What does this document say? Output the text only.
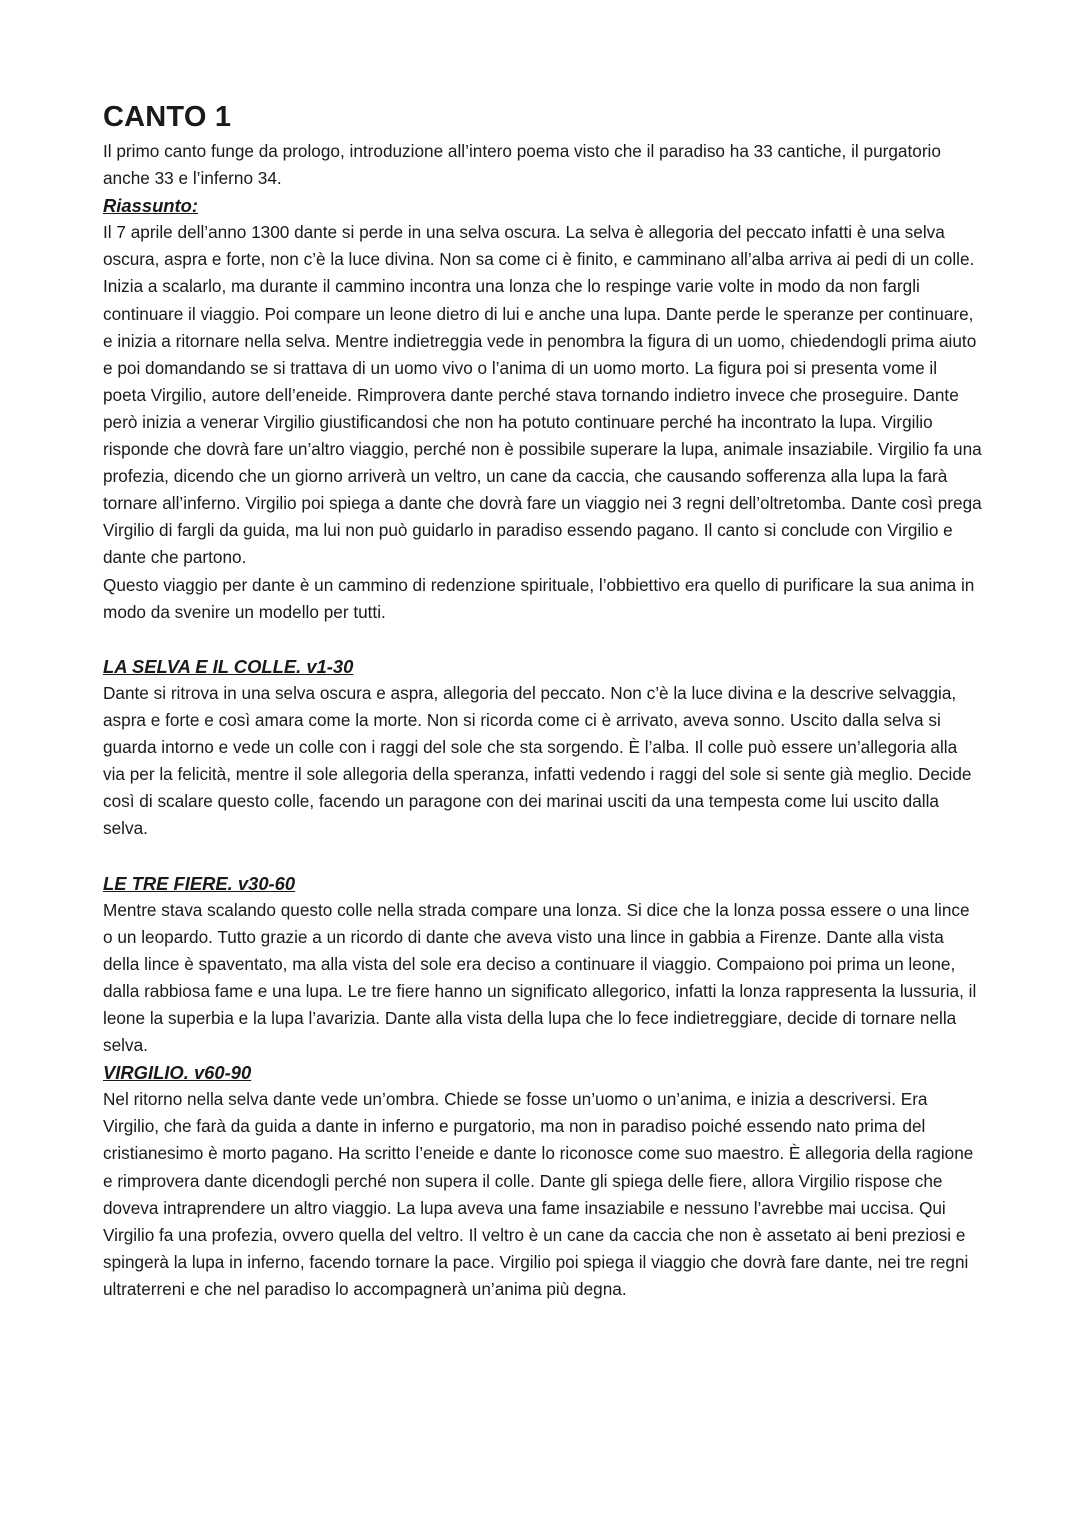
CANTO 1

Il primo canto funge da prologo, introduzione all’intero poema visto che il paradiso ha 33 cantiche, il purgatorio anche 33 e l’inferno 34.

Riassunto:

Il 7 aprile dell’anno 1300 dante si perde in una selva oscura. La selva è allegoria del peccato infatti è una selva oscura, aspra e forte, non c’è la luce divina. Non sa come ci è finito, e camminano all’alba arriva ai pedi di un colle. Inizia a scalarlo, ma durante il cammino incontra una lonza che lo respinge varie volte in modo da non fargli continuare il viaggio. Poi compare un leone dietro di lui e anche una lupa. Dante perde le speranze per continuare, e inizia a ritornare nella selva. Mentre indietreggia vede in penombra la figura di un uomo, chiedendogli prima aiuto e poi domandando se si trattava di un uomo vivo o l’anima di un uomo morto. La figura poi si presenta vome il poeta Virgilio, autore dell’eneide. Rimprovera dante perché stava tornando indietro invece che proseguire. Dante però inizia a venerar Virgilio giustificandosi che non ha potuto continuare perché ha incontrato la lupa. Virgilio risponde che dovrà fare un’altro viaggio, perché non è possibile superare la lupa, animale insaziabile. Virgilio fa una profezia, dicendo che un giorno arriverà un veltro, un cane da caccia, che causando sofferenza alla lupa la farà tornare all’inferno. Virgilio poi spiega a dante che dovrà fare un viaggio nei 3 regni dell’oltretomba. Dante così prega Virgilio di fargli da guida, ma lui non può guidarlo in paradiso essendo pagano. Il canto si conclude con Virgilio e dante che partono.

Questo viaggio per dante è un cammino di redenzione spirituale, l’obbiettivo era quello di purificare la sua anima in modo da svenire un modello per tutti.

LA SELVA E IL COLLE. v1-30

Dante si ritrova in una selva oscura e aspra, allegoria del peccato. Non c’è la luce divina e la descrive selvaggia, aspra e forte e così amara come la morte. Non si ricorda come ci è arrivato, aveva sonno. Uscito dalla selva si guarda intorno e vede un colle con i raggi del sole che sta sorgendo. È l’alba. Il colle può essere un’allegoria alla via per la felicità, mentre il sole allegoria della speranza, infatti vedendo i raggi del sole si sente già meglio. Decide così di scalare questo colle, facendo un paragone con dei marinai usciti da una tempesta come lui uscito dalla selva.

LE TRE FIERE. v30-60

Mentre stava scalando questo colle nella strada compare una lonza. Si dice che la lonza possa essere o una lince o un leopardo. Tutto grazie a un ricordo di dante che aveva visto una lince in gabbia a Firenze. Dante alla vista della lince è spaventato, ma alla vista del sole era deciso a continuare il viaggio. Compaiono poi prima un leone, dalla rabbiosa fame e una lupa. Le tre fiere hanno un significato allegorico, infatti la lonza rappresenta la lussuria, il leone la superbia e la lupa l’avarizia. Dante alla vista della lupa che lo fece indietreggiare, decide di tornare nella selva.

VIRGILIO. v60-90

Nel ritorno nella selva dante vede un’ombra. Chiede se fosse un’uomo o un’anima, e inizia a descriversi. Era Virgilio, che farà da guida a dante in inferno e purgatorio, ma non in paradiso poiché essendo nato prima del cristianesimo è morto pagano. Ha scritto l’eneide e dante lo riconosce come suo maestro. È allegoria della ragione e rimprovera dante dicendogli perché non supera il colle. Dante gli spiega delle fiere, allora Virgilio rispose che doveva intraprendere un altro viaggio. La lupa aveva una fame insaziabile e nessuno l’avrebbe mai uccisa. Qui Virgilio fa una profezia, ovvero quella del veltro. Il veltro è un cane da caccia che non è assetato ai beni preziosi e spingerà la lupa in inferno, facendo tornare la pace. Virgilio poi spiega il viaggio che dovrà fare dante, nei tre regni ultraterreni e che nel paradiso lo accompagnerà un’anima più degna.
